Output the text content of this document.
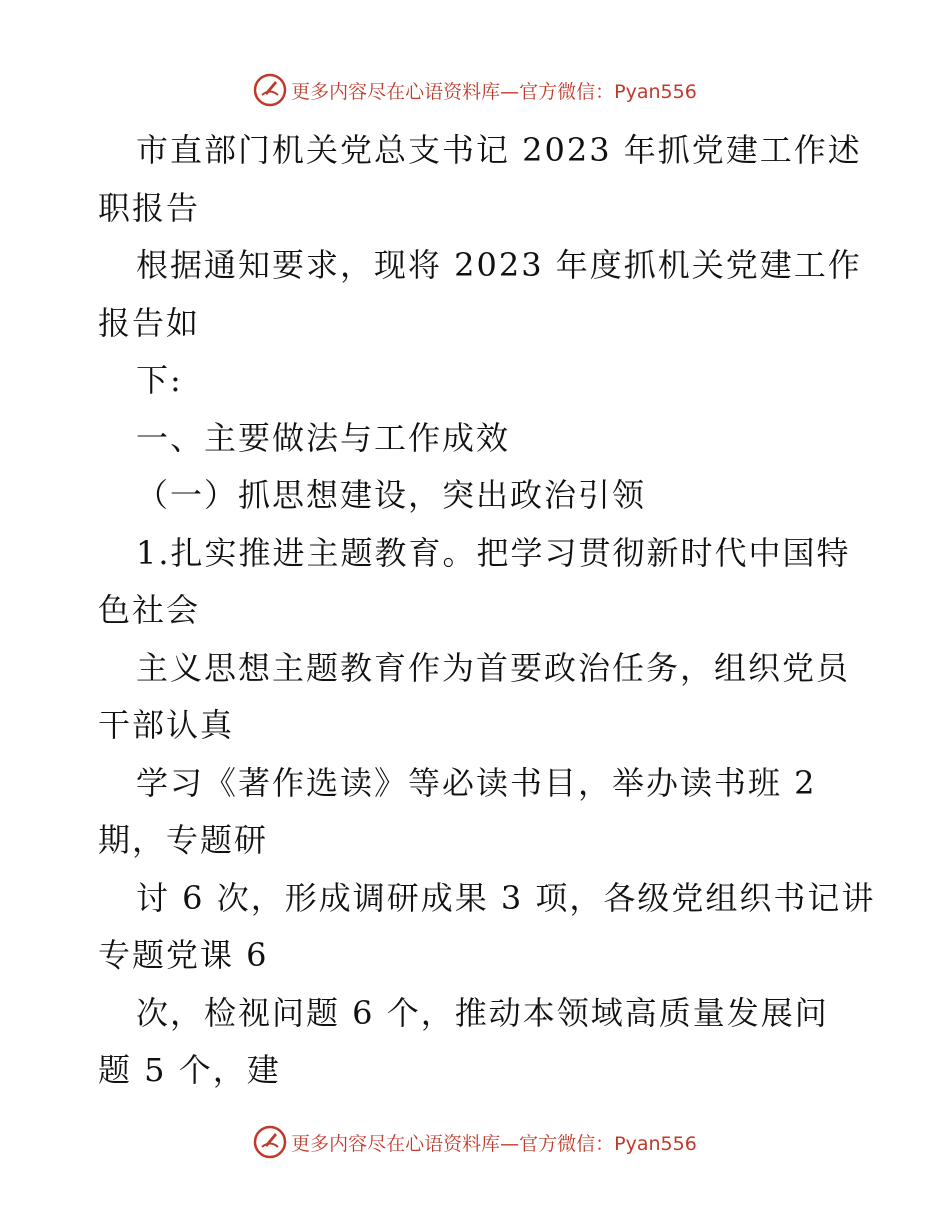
更多内容尽在心语资料库— 官方微信：Pyan556
市直部门机关党总支书记 2023 年抓党建工作述
职报告
根据通知要求，现将 2023 年度抓机关党建工作
报告如
下:
一、主要做法与工作成效
（一）抓思想建设，突出政治引领
1.扎实推进主题教育。把学习贯彻新时代中国特
色社会
主义思想主题教育作为首要政治任务，组织党员
干部认真
学习《著作选读》等必读书目，举办读书班 2
期，专题研
讨 6 次，形成调研成果 3 项，各级党组织书记讲
专题党课 6
次，检视问题 6 个，推动本领域高质量发展问
题 5 个，建
更多内容尽在心语资料库— 官方微信：Pyan556
